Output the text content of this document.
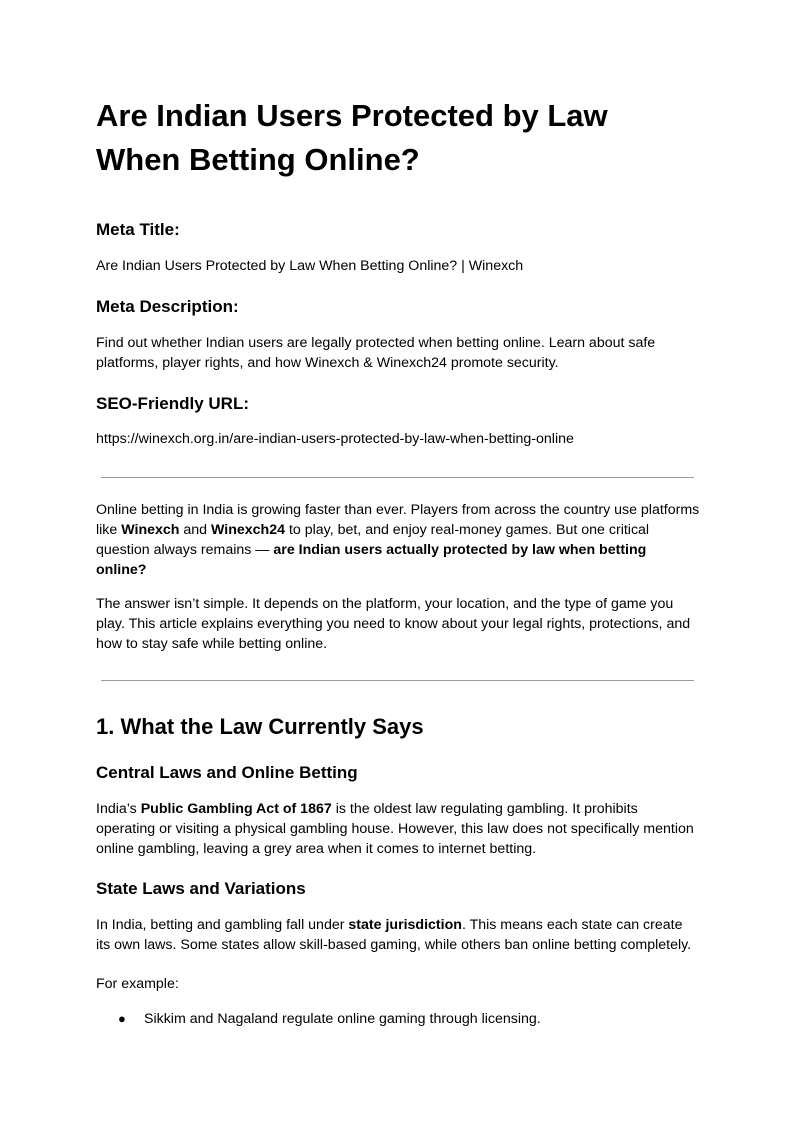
Are Indian Users Protected by Law When Betting Online?
Meta Title:

Are Indian Users Protected by Law When Betting Online? | Winexch

Meta Description:

Find out whether Indian users are legally protected when betting online. Learn about safe platforms, player rights, and how Winexch & Winexch24 promote security.

SEO-Friendly URL:

https://winexch.org.in/are-indian-users-protected-by-law-when-betting-online

Online betting in India is growing faster than ever. Players from across the country use platforms like Winexch and Winexch24 to play, bet, and enjoy real-money games. But one critical question always remains — are Indian users actually protected by law when betting online?

The answer isn’t simple. It depends on the platform, your location, and the type of game you play. This article explains everything you need to know about your legal rights, protections, and how to stay safe while betting online.

1. What the Law Currently Says
Central Laws and Online Betting

India’s Public Gambling Act of 1867 is the oldest law regulating gambling. It prohibits operating or visiting a physical gambling house. However, this law does not specifically mention online gambling, leaving a grey area when it comes to internet betting.

State Laws and Variations

In India, betting and gambling fall under state jurisdiction. This means each state can create its own laws. Some states allow skill-based gaming, while others ban online betting completely.

For example:

● Sikkim and Nagaland regulate online gaming through licensing.
